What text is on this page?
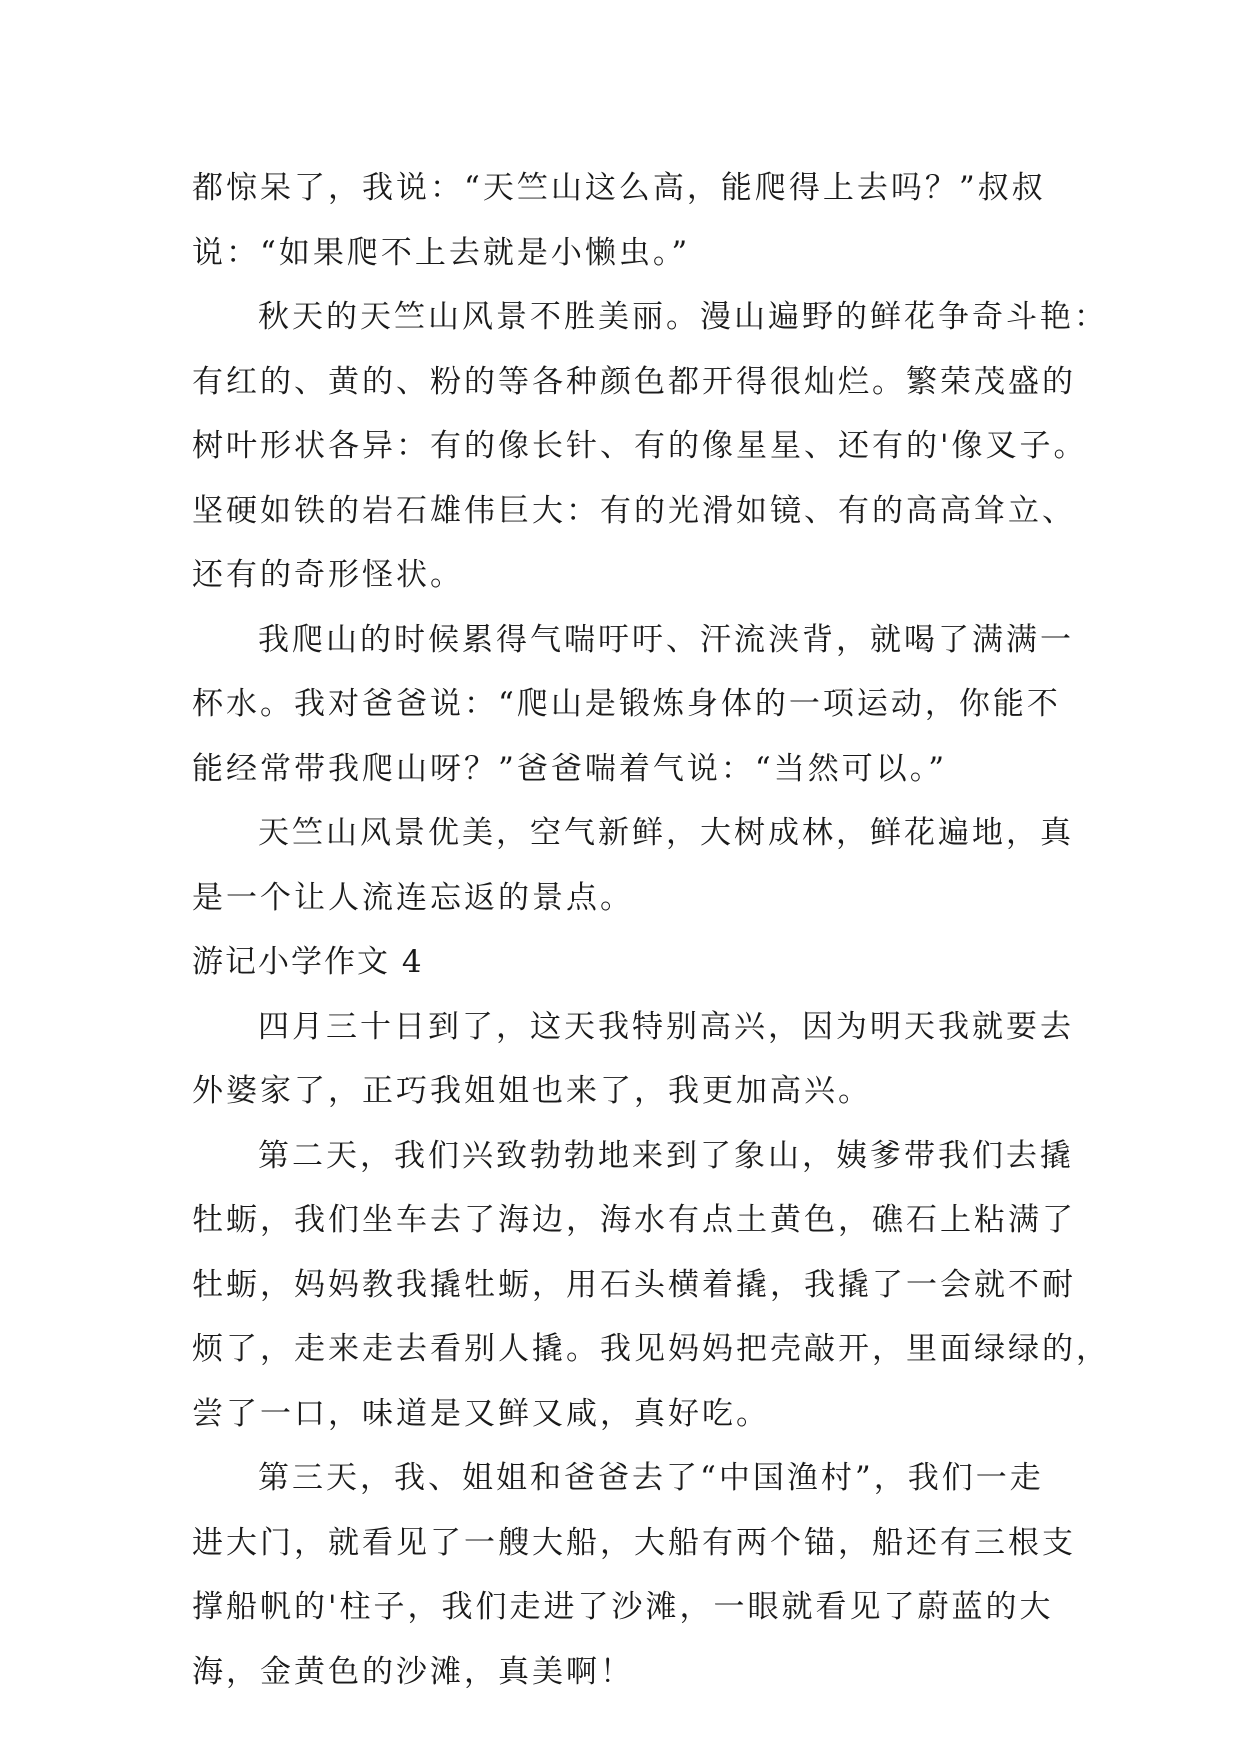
都惊呆了，我说：“天竺山这么高，能爬得上去吗？”叔叔
说：“如果爬不上去就是小懒虫。”
秋天的天竺山风景不胜美丽。漫山遍野的鲜花争奇斗艳：
有红的、黄的、粉的等各种颜色都开得很灿烂。繁荣茂盛的
树叶形状各异：有的像长针、有的像星星、还有的'像叉子。
坚硬如铁的岩石雄伟巨大：有的光滑如镜、有的高高耸立、
还有的奇形怪状。
我爬山的时候累得气喘吁吁、汗流浃背，就喝了满满一
杯水。我对爸爸说：“爬山是锻炼身体的一项运动，你能不
能经常带我爬山呀？”爸爸喘着气说：“当然可以。”
天竺山风景优美，空气新鲜，大树成林，鲜花遍地，真
是一个让人流连忘返的景点。
游记小学作文 4
四月三十日到了，这天我特别高兴，因为明天我就要去
外婆家了，正巧我姐姐也来了，我更加高兴。
第二天，我们兴致勃勃地来到了象山，姨爹带我们去撬
牡蛎，我们坐车去了海边，海水有点土黄色，礁石上粘满了
牡蛎，妈妈教我撬牡蛎，用石头横着撬，我撬了一会就不耐
烦了，走来走去看别人撬。我见妈妈把壳敲开，里面绿绿的，
尝了一口，味道是又鲜又咸，真好吃。
第三天，我、姐姐和爸爸去了“中国渔村”，我们一走
进大门，就看见了一艘大船，大船有两个锚，船还有三根支
撑船帆的'柱子，我们走进了沙滩，一眼就看见了蔚蓝的大
海，金黄色的沙滩，真美啊！
